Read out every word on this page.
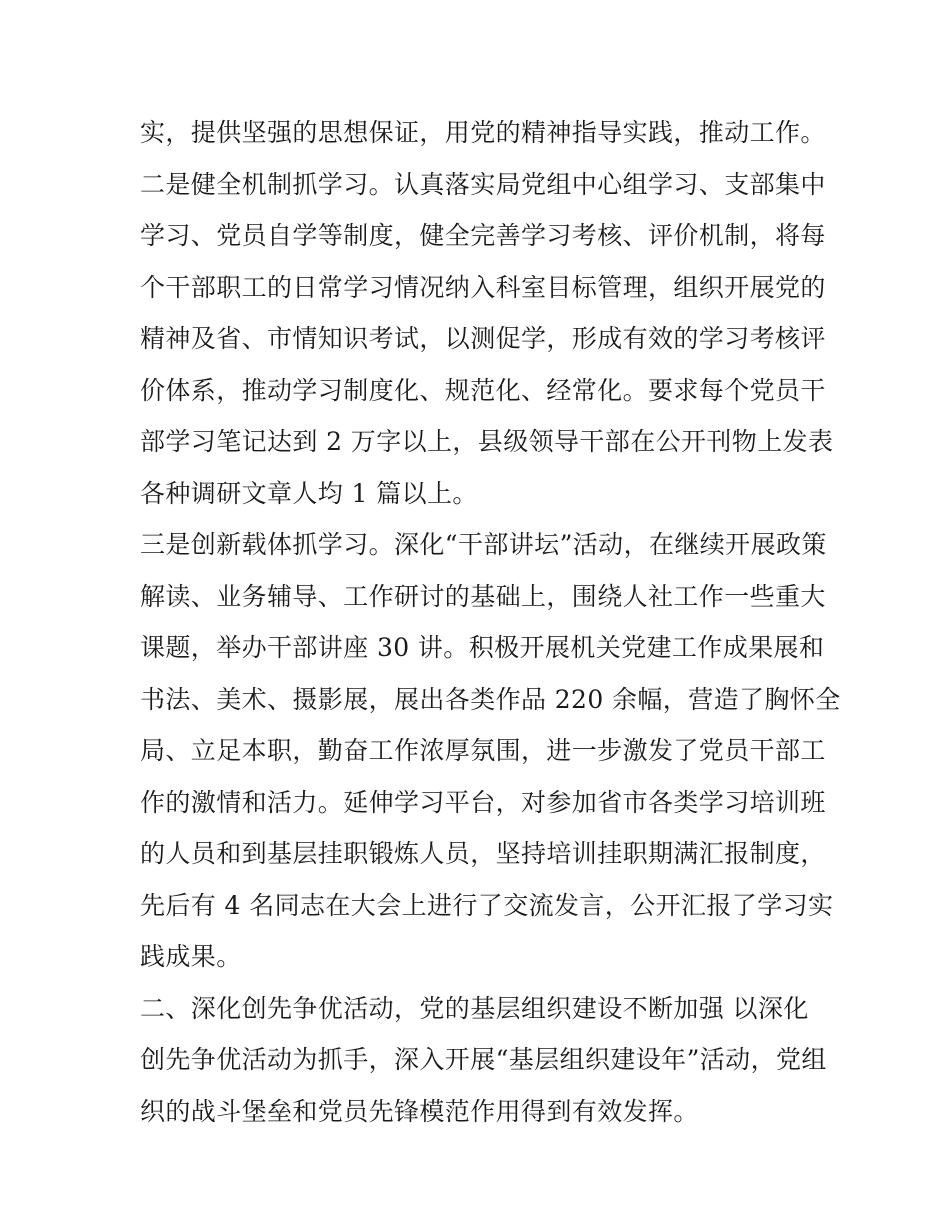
实，提供坚强的思想保证，用党的精神指导实践，推动工作。
二是健全机制抓学习。认真落实局党组中心组学习、支部集中
学习、党员自学等制度，健全完善学习考核、评价机制，将每
个干部职工的日常学习情况纳入科室目标管理，组织开展党的
精神及省、市情知识考试，以测促学，形成有效的学习考核评
价体系，推动学习制度化、规范化、经常化。要求每个党员干
部学习笔记达到 2 万字以上，县级领导干部在公开刊物上发表
各种调研文章人均 1 篇以上。
三是创新载体抓学习。深化“干部讲坛”活动，在继续开展政策
解读、业务辅导、工作研讨的基础上，围绕人社工作一些重大
课题，举办干部讲座 30 讲。积极开展机关党建工作成果展和
书法、美术、摄影展，展出各类作品 220 余幅，营造了胸怀全
局、立足本职，勤奋工作浓厚氛围，进一步激发了党员干部工
作的激情和活力。延伸学习平台，对参加省市各类学习培训班
的人员和到基层挂职锻炼人员，坚持培训挂职期满汇报制度，
先后有 4 名同志在大会上进行了交流发言，公开汇报了学习实
践成果。
二、深化创先争优活动，党的基层组织建设不断加强 以深化
创先争优活动为抓手，深入开展“基层组织建设年”活动，党组
织的战斗堡垒和党员先锋模范作用得到有效发挥。
